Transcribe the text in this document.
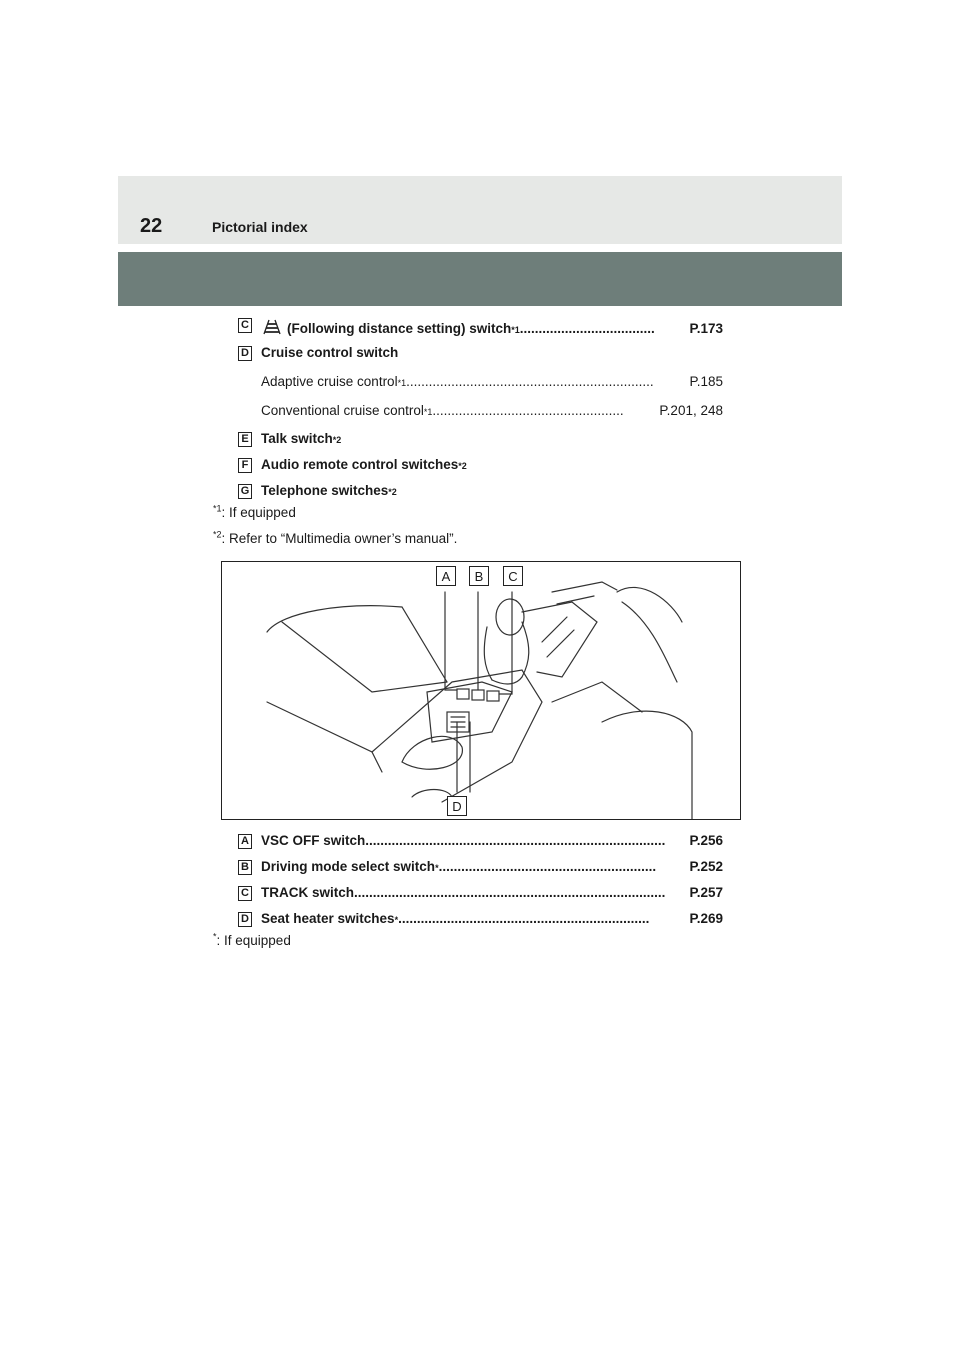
22	Pictorial index
C	(Following distance setting) switch *1 ....................................	P.173
D Cruise control switch
Adaptive cruise control *1 ..................................................................	P.185
Conventional cruise control *1 ...................................................	P.201, 248
E Talk switch *2
F Audio remote control switches *2
G Telephone switches *2
$^{*1}$: If equipped
$^{*2}$: Refer to “Multimedia owner’s manual”.
A	B	C
D
A VSC OFF switch ................................................................................	P.256
B Driving mode select switch * ..........................................................	P.252
C TRACK switch ...................................................................................	P.257
D Seat heater switches * ...................................................................	P.269
*: If equipped
